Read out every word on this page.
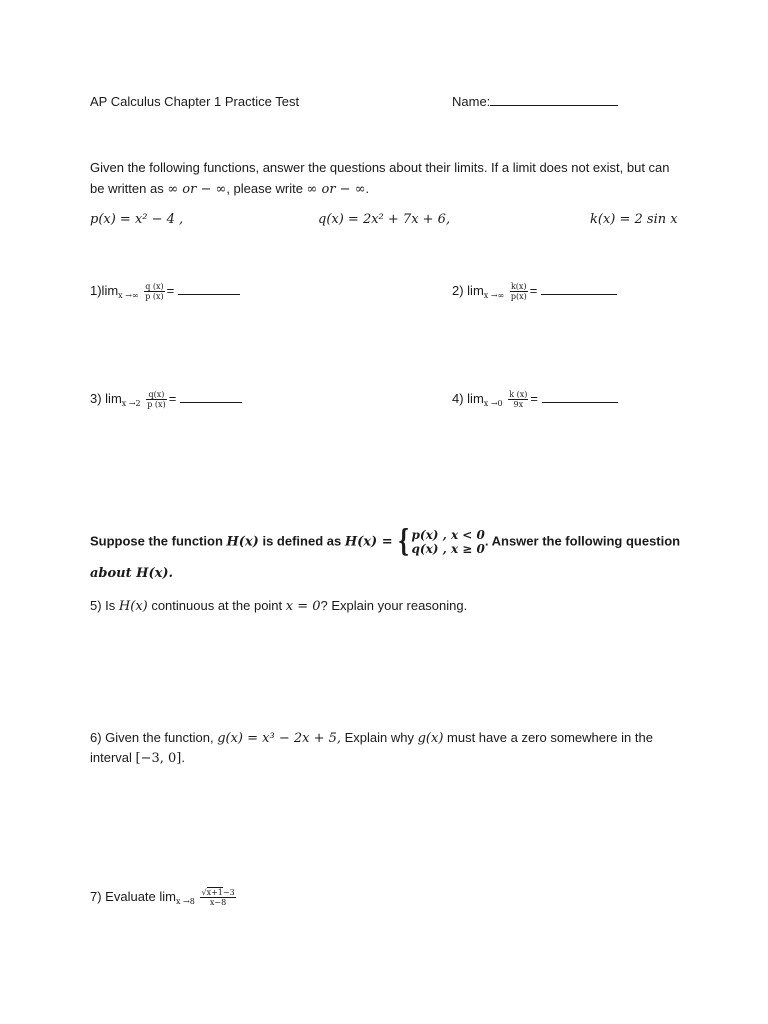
AP Calculus Chapter 1 Practice Test	Name:
Given the following functions, answer the questions about their limits. If a limit does not exist, but can
be written as ∞ or − ∞, please write ∞ or − ∞.
p(x) = x² − 4 ,	q(x) = 2x² + 7x + 6,	k(x) = 2 sin x
$1)\lim_{x \to\infty} \frac{q (x)}{p (x)}$ =	2) $\lim_{x \to\infty} \frac{k(x)}{p(x)}$ =
3) $\lim_{x \to 2} \frac{q(x)}{p (x)}$ =	4) $\lim_{x \to 0} \frac{k (x)}{9x}$ =
Suppose the function H(x) is defined as H(x) = { p(x) , x < 0
q(x) , x ≥ 0
. Answer the following question
about H(x).
5) Is H(x) continuous at the point x = 0? Explain your reasoning.
6) Given the function, g(x) = x³ − 2x + 5, Explain why g(x) must have a zero somewhere in the
interval [−3, 0].
7) Evaluate $\lim_{x \to 8} \frac{√x+1-3}{x-8}$
